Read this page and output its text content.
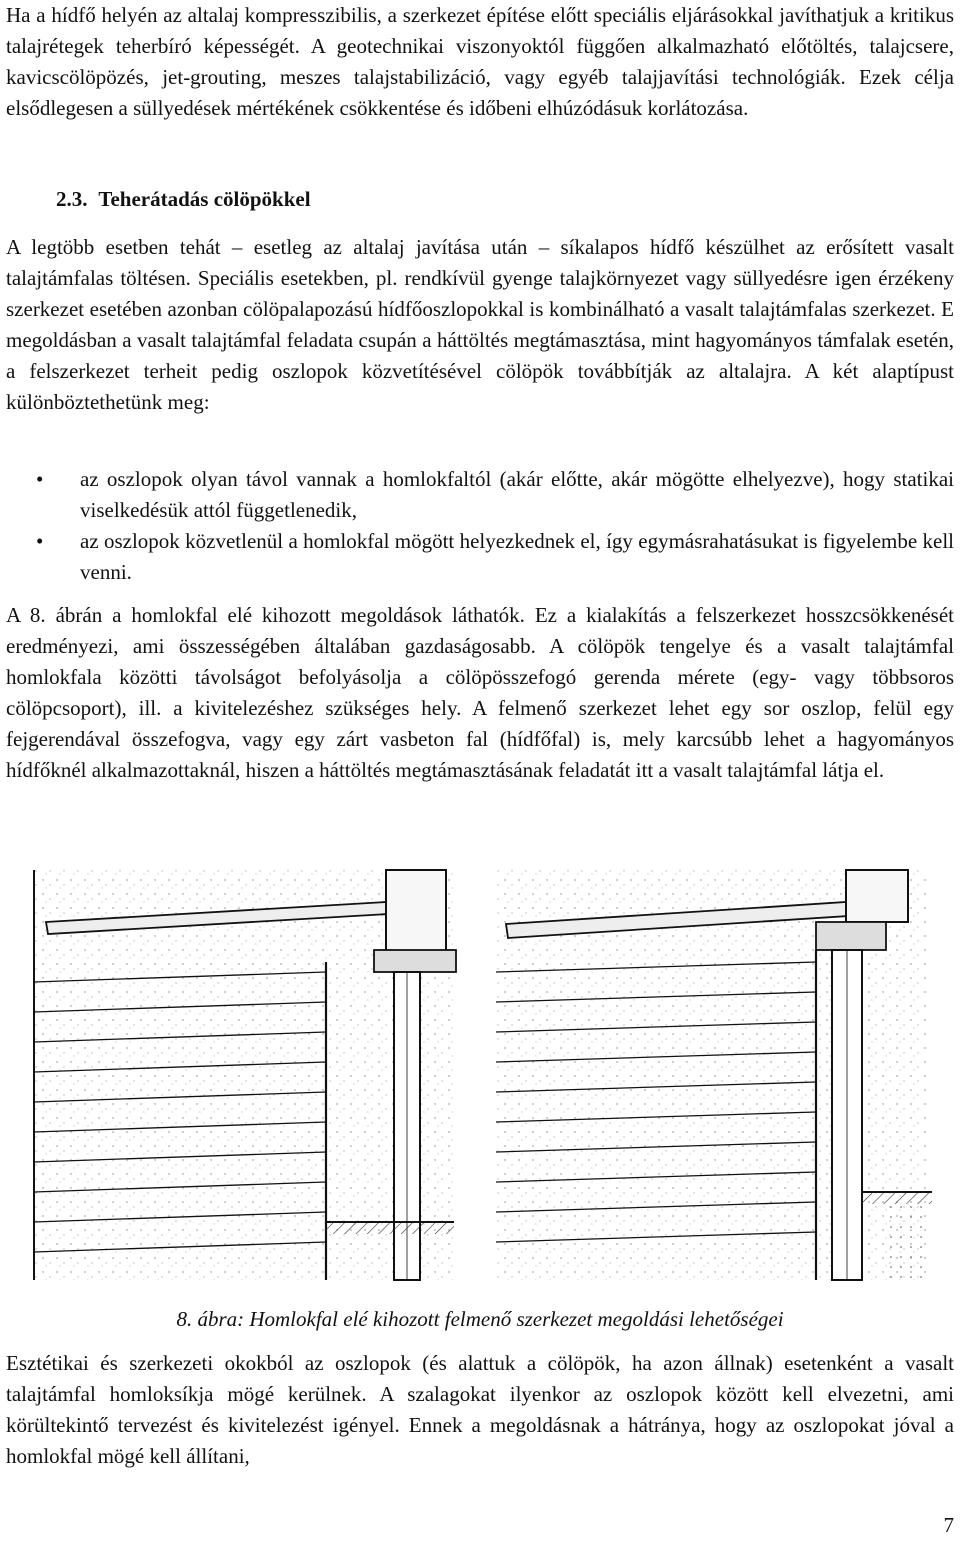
Ha a hídfő helyén az altalaj kompresszibilis, a szerkezet építése előtt speciális eljárásokkal javíthatjuk a kritikus talajrétegek teherbíró képességét. A geotechnikai viszonyoktól függően alkalmazható előtöltés, talajcsere, kavicscölöpözés, jet-grouting, meszes talajstabilizáció, vagy egyéb talajjavítási technológiák. Ezek célja elsődlegesen a süllyedések mértékének csökkentése és időbeni elhúzódásuk korlátozása.

2.3. Teherátadás cölöpökkel

A legtöbb esetben tehát – esetleg az altalaj javítása után – síkalapos hídfő készülhet az erősített vasalt talajtámfalas töltésen. Speciális esetekben, pl. rendkívül gyenge talajkörnyezet vagy süllyedésre igen érzékeny szerkezet esetében azonban cölöpalapozású hídfőoszlopokkal is kombinálható a vasalt talajtámfalas szerkezet. E megoldásban a vasalt talajtámfal feladata csupán a háttöltés megtámasztása, mint hagyományos támfalak esetén, a felszerkezet terheit pedig oszlopok közvetítésével cölöpök továbbítják az altalajra. A két alaptípust különböztethetünk meg:

• az oszlopok olyan távol vannak a homlokfaltól (akár előtte, akár mögötte elhelyezve), hogy statikai viselkedésük attól függetlenedik,
• az oszlopok közvetlenül a homlokfal mögött helyezkednek el, így egymásrahatásukat is figyelembe kell venni.

A 8. ábrán a homlokfal elé kihozott megoldások láthatók. Ez a kialakítás a felszerkezet hosszcsökkenését eredményezi, ami összességében általában gazdaságosabb. A cölöpök tengelye és a vasalt talajtámfal homlokfala közötti távolságot befolyásolja a cölöpösszefogó gerenda mérete (egy- vagy többsoros cölöpcsoport), ill. a kivitelezéshez szükséges hely. A felmenő szerkezet lehet egy sor oszlop, felül egy fejgerendával összefogva, vagy egy zárt vasbeton fal (hídfőfal) is, mely karcsúbb lehet a hagyományos hídfőknél alkalmazottaknál, hiszen a háttöltés megtámasztásának feladatát itt a vasalt talajtámfal látja el.

8. ábra: Homlokfal elé kihozott felmenő szerkezet megoldási lehetőségei

Esztétikai és szerkezeti okokból az oszlopok (és alattuk a cölöpök, ha azon állnak) esetenként a vasalt talajtámfal homloksíkja mögé kerülnek. A szalagokat ilyenkor az oszlopok között kell elvezetni, ami körültekintő tervezést és kivitelezést igényel. Ennek a megoldásnak a hátránya, hogy az oszlopokat jóval a homlokfal mögé kell állítani,

7
